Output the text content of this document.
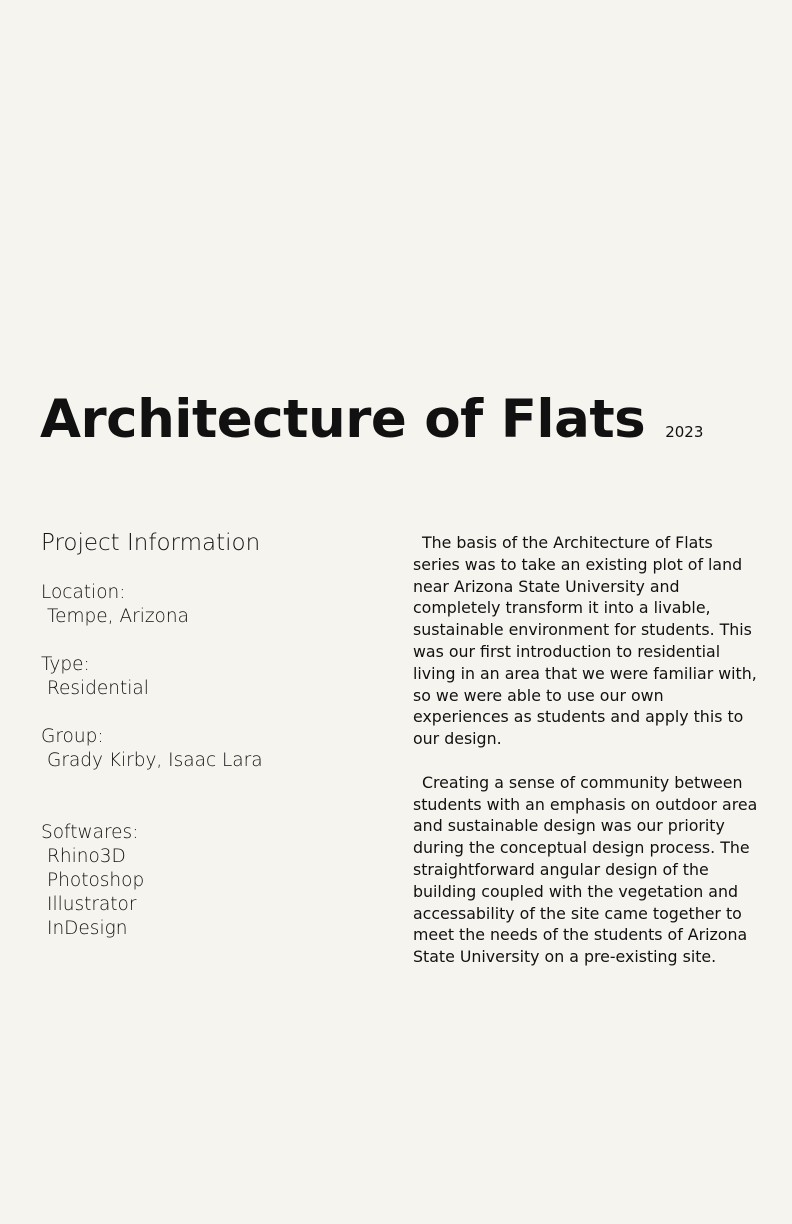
Architecture of Flats 2023
Project Information
Location:
Tempe, Arizona
Type:
Residential
Group:
Grady Kirby, Isaac Lara
Softwares:
Rhino3D
Photoshop
Illustrator
InDesign

The basis of the Architecture of Flats series was to take an existing plot of land near Arizona State University and completely transform it into a livable, sustainable environment for students. This was our first introduction to residential living in an area that we were familiar with, so we were able to use our own experiences as students and apply this to our design.

Creating a sense of community between students with an emphasis on outdoor area and sustainable design was our priority during the conceptual design process. The straightforward angular design of the building coupled with the vegetation and accessability of the site came together to meet the needs of the students of Arizona State University on a pre-existing site.
